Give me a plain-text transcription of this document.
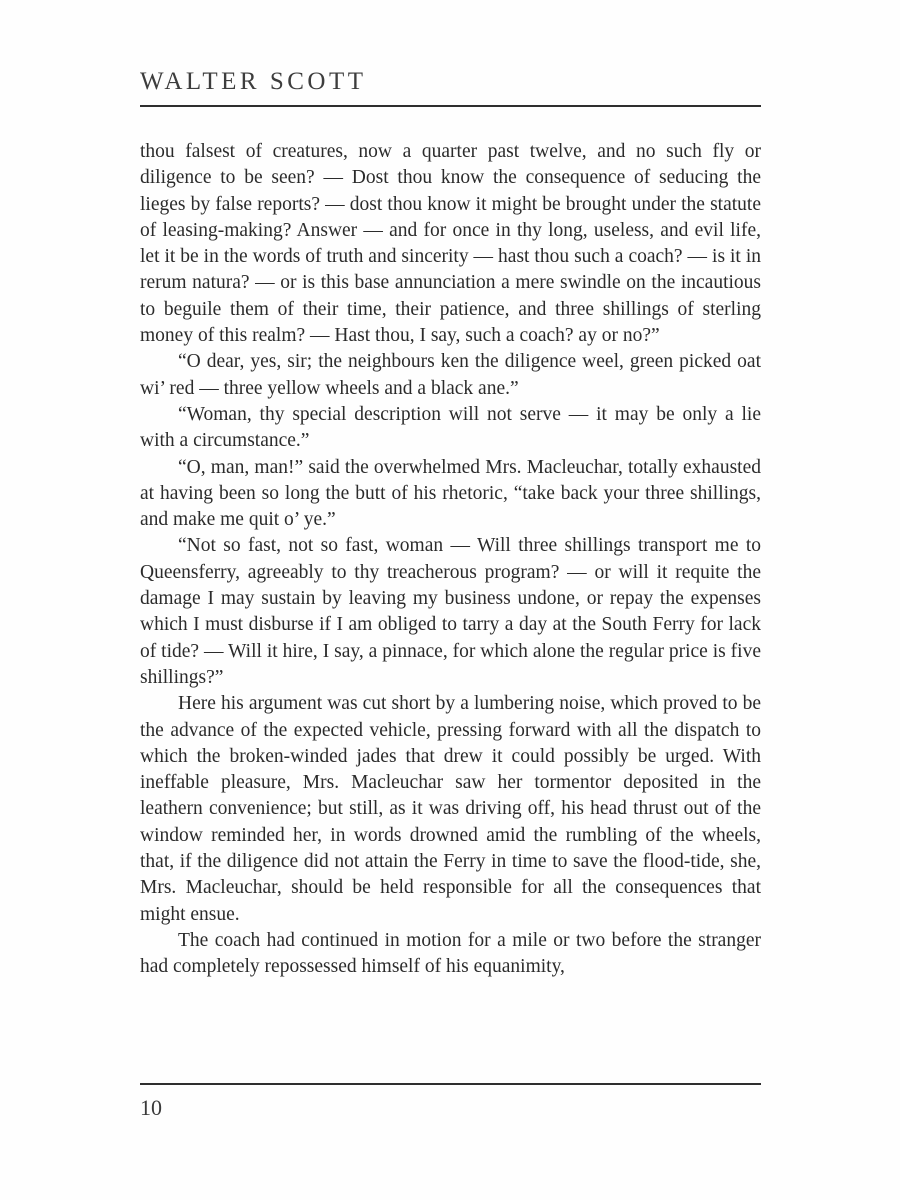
WALTER SCOTT

thou falsest of creatures, now a quarter past twelve, and no such fly or diligence to be seen? — Dost thou know the consequence of seducing the lieges by false reports? — dost thou know it might be brought under the statute of leasing-making? Answer — and for once in thy long, useless, and evil life, let it be in the words of truth and sincerity — hast thou such a coach? — is it in rerum natura? — or is this base annunciation a mere swindle on the incautious to beguile them of their time, their patience, and three shillings of sterling money of this realm? — Hast thou, I say, such a coach? ay or no?”

“O dear, yes, sir; the neighbours ken the diligence weel, green picked oat wi’ red — three yellow wheels and a black ane.”

“Woman, thy special description will not serve — it may be only a lie with a circumstance.”

“O, man, man!” said the overwhelmed Mrs. Macleuchar, totally exhausted at having been so long the butt of his rhetoric, “take back your three shillings, and make me quit o’ ye.”

“Not so fast, not so fast, woman — Will three shillings transport me to Queensferry, agreeably to thy treacherous program? — or will it requite the damage I may sustain by leaving my business undone, or repay the expenses which I must disburse if I am obliged to tarry a day at the South Ferry for lack of tide? — Will it hire, I say, a pinnace, for which alone the regular price is five shillings?”

Here his argument was cut short by a lumbering noise, which proved to be the advance of the expected vehicle, pressing forward with all the dispatch to which the broken-winded jades that drew it could possibly be urged. With ineffable pleasure, Mrs. Macleuchar saw her tormentor deposited in the leathern convenience; but still, as it was driving off, his head thrust out of the window reminded her, in words drowned amid the rumbling of the wheels, that, if the diligence did not attain the Ferry in time to save the flood-tide, she, Mrs. Macleuchar, should be held responsible for all the consequences that might ensue.

The coach had continued in motion for a mile or two before the stranger had completely repossessed himself of his equanimity,

10
